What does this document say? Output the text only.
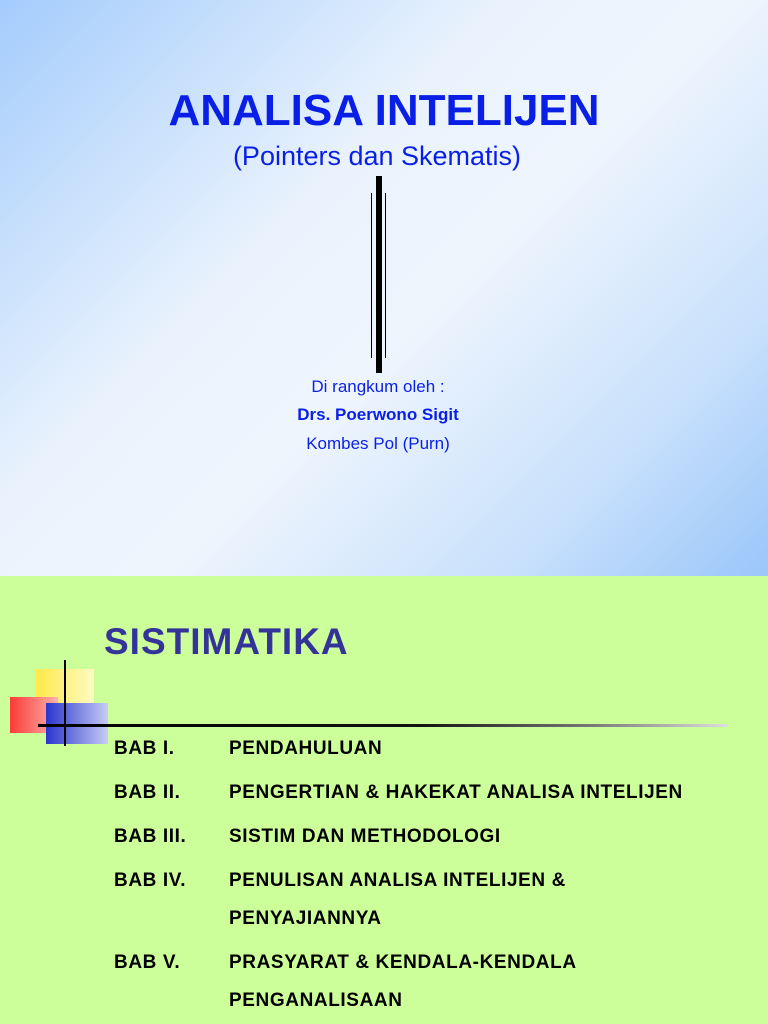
ANALISA INTELIJEN
(Pointers dan Skematis)
Di rangkum oleh :
Drs. Poerwono Sigit
Kombes Pol (Purn)
SISTIMATIKA
BAB I.	PENDAHULUAN
BAB II.	PENGERTIAN & HAKEKAT ANALISA INTELIJEN
BAB III. SISTIM DAN METHODOLOGI
BAB IV. PENULISAN ANALISA INTELIJEN &
PENYAJIANNYA
BAB V.	PRASYARAT & KENDALA-KENDALA
PENGANALISAAN
